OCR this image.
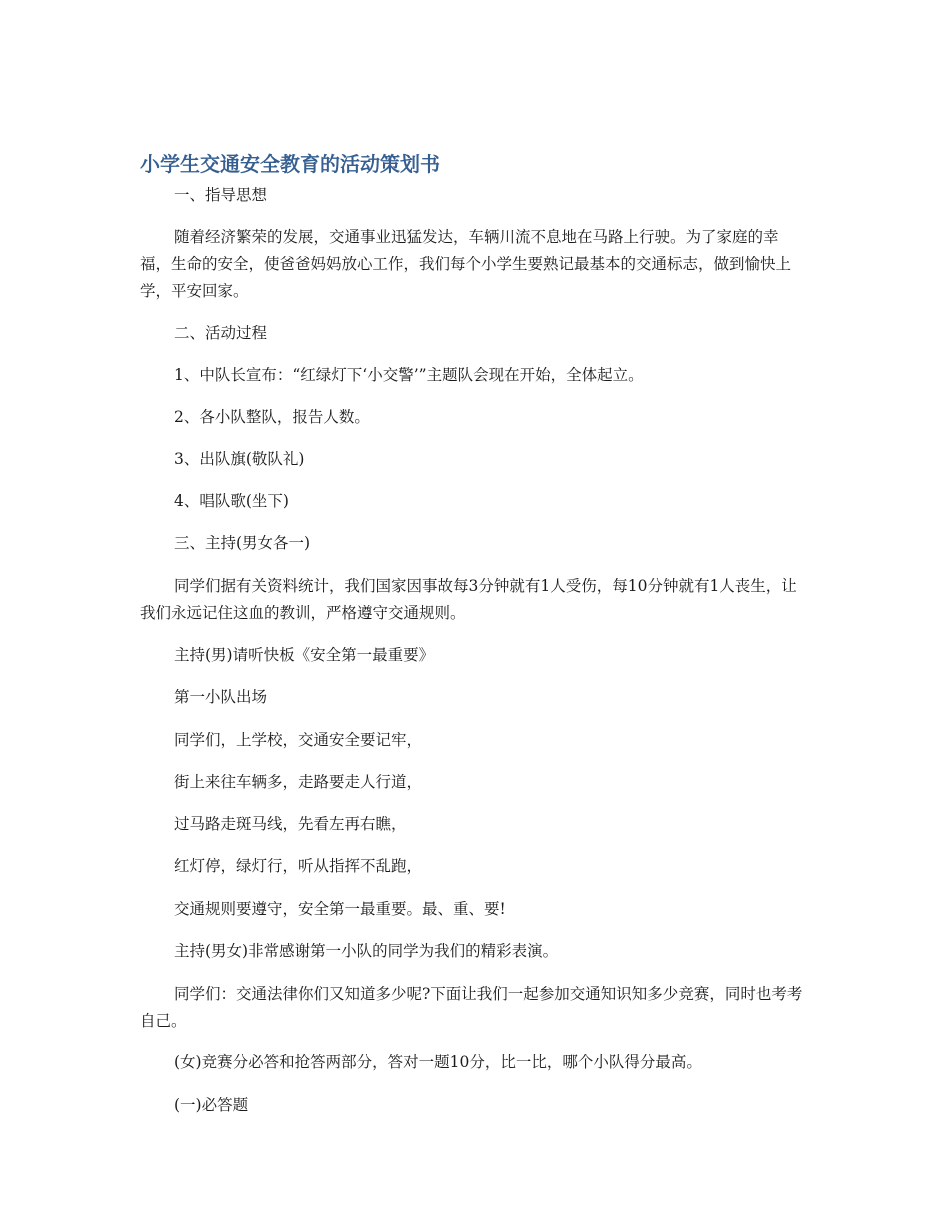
小学生交通安全教育的活动策划书

一、指导思想

随着经济繁荣的发展，交通事业迅猛发达，车辆川流不息地在马路上行驶。为了家庭的幸福，生命的安全，使爸爸妈妈放心工作，我们每个小学生要熟记最基本的交通标志，做到愉快上学，平安回家。

二、活动过程

1、中队长宣布：“红绿灯下‘小交警’”主题队会现在开始，全体起立。

2、各小队整队，报告人数。

3、出队旗(敬队礼)

4、唱队歌(坐下)

三、主持(男女各一)

同学们据有关资料统计，我们国家因事故每3分钟就有1人受伤，每10分钟就有1人丧生，让我们永远记住这血的教训，严格遵守交通规则。

主持(男)请听快板《安全第一最重要》

第一小队出场

同学们，上学校，交通安全要记牢，

街上来往车辆多，走路要走人行道，

过马路走斑马线，先看左再右瞧，

红灯停，绿灯行，听从指挥不乱跑，

交通规则要遵守，安全第一最重要。最、重、要!

主持(男女)非常感谢第一小队的同学为我们的精彩表演。

同学们：交通法律你们又知道多少呢?下面让我们一起参加交通知识知多少竞赛，同时也考考自己。

(女)竞赛分必答和抢答两部分，答对一题10分，比一比，哪个小队得分最高。

(一)必答题
